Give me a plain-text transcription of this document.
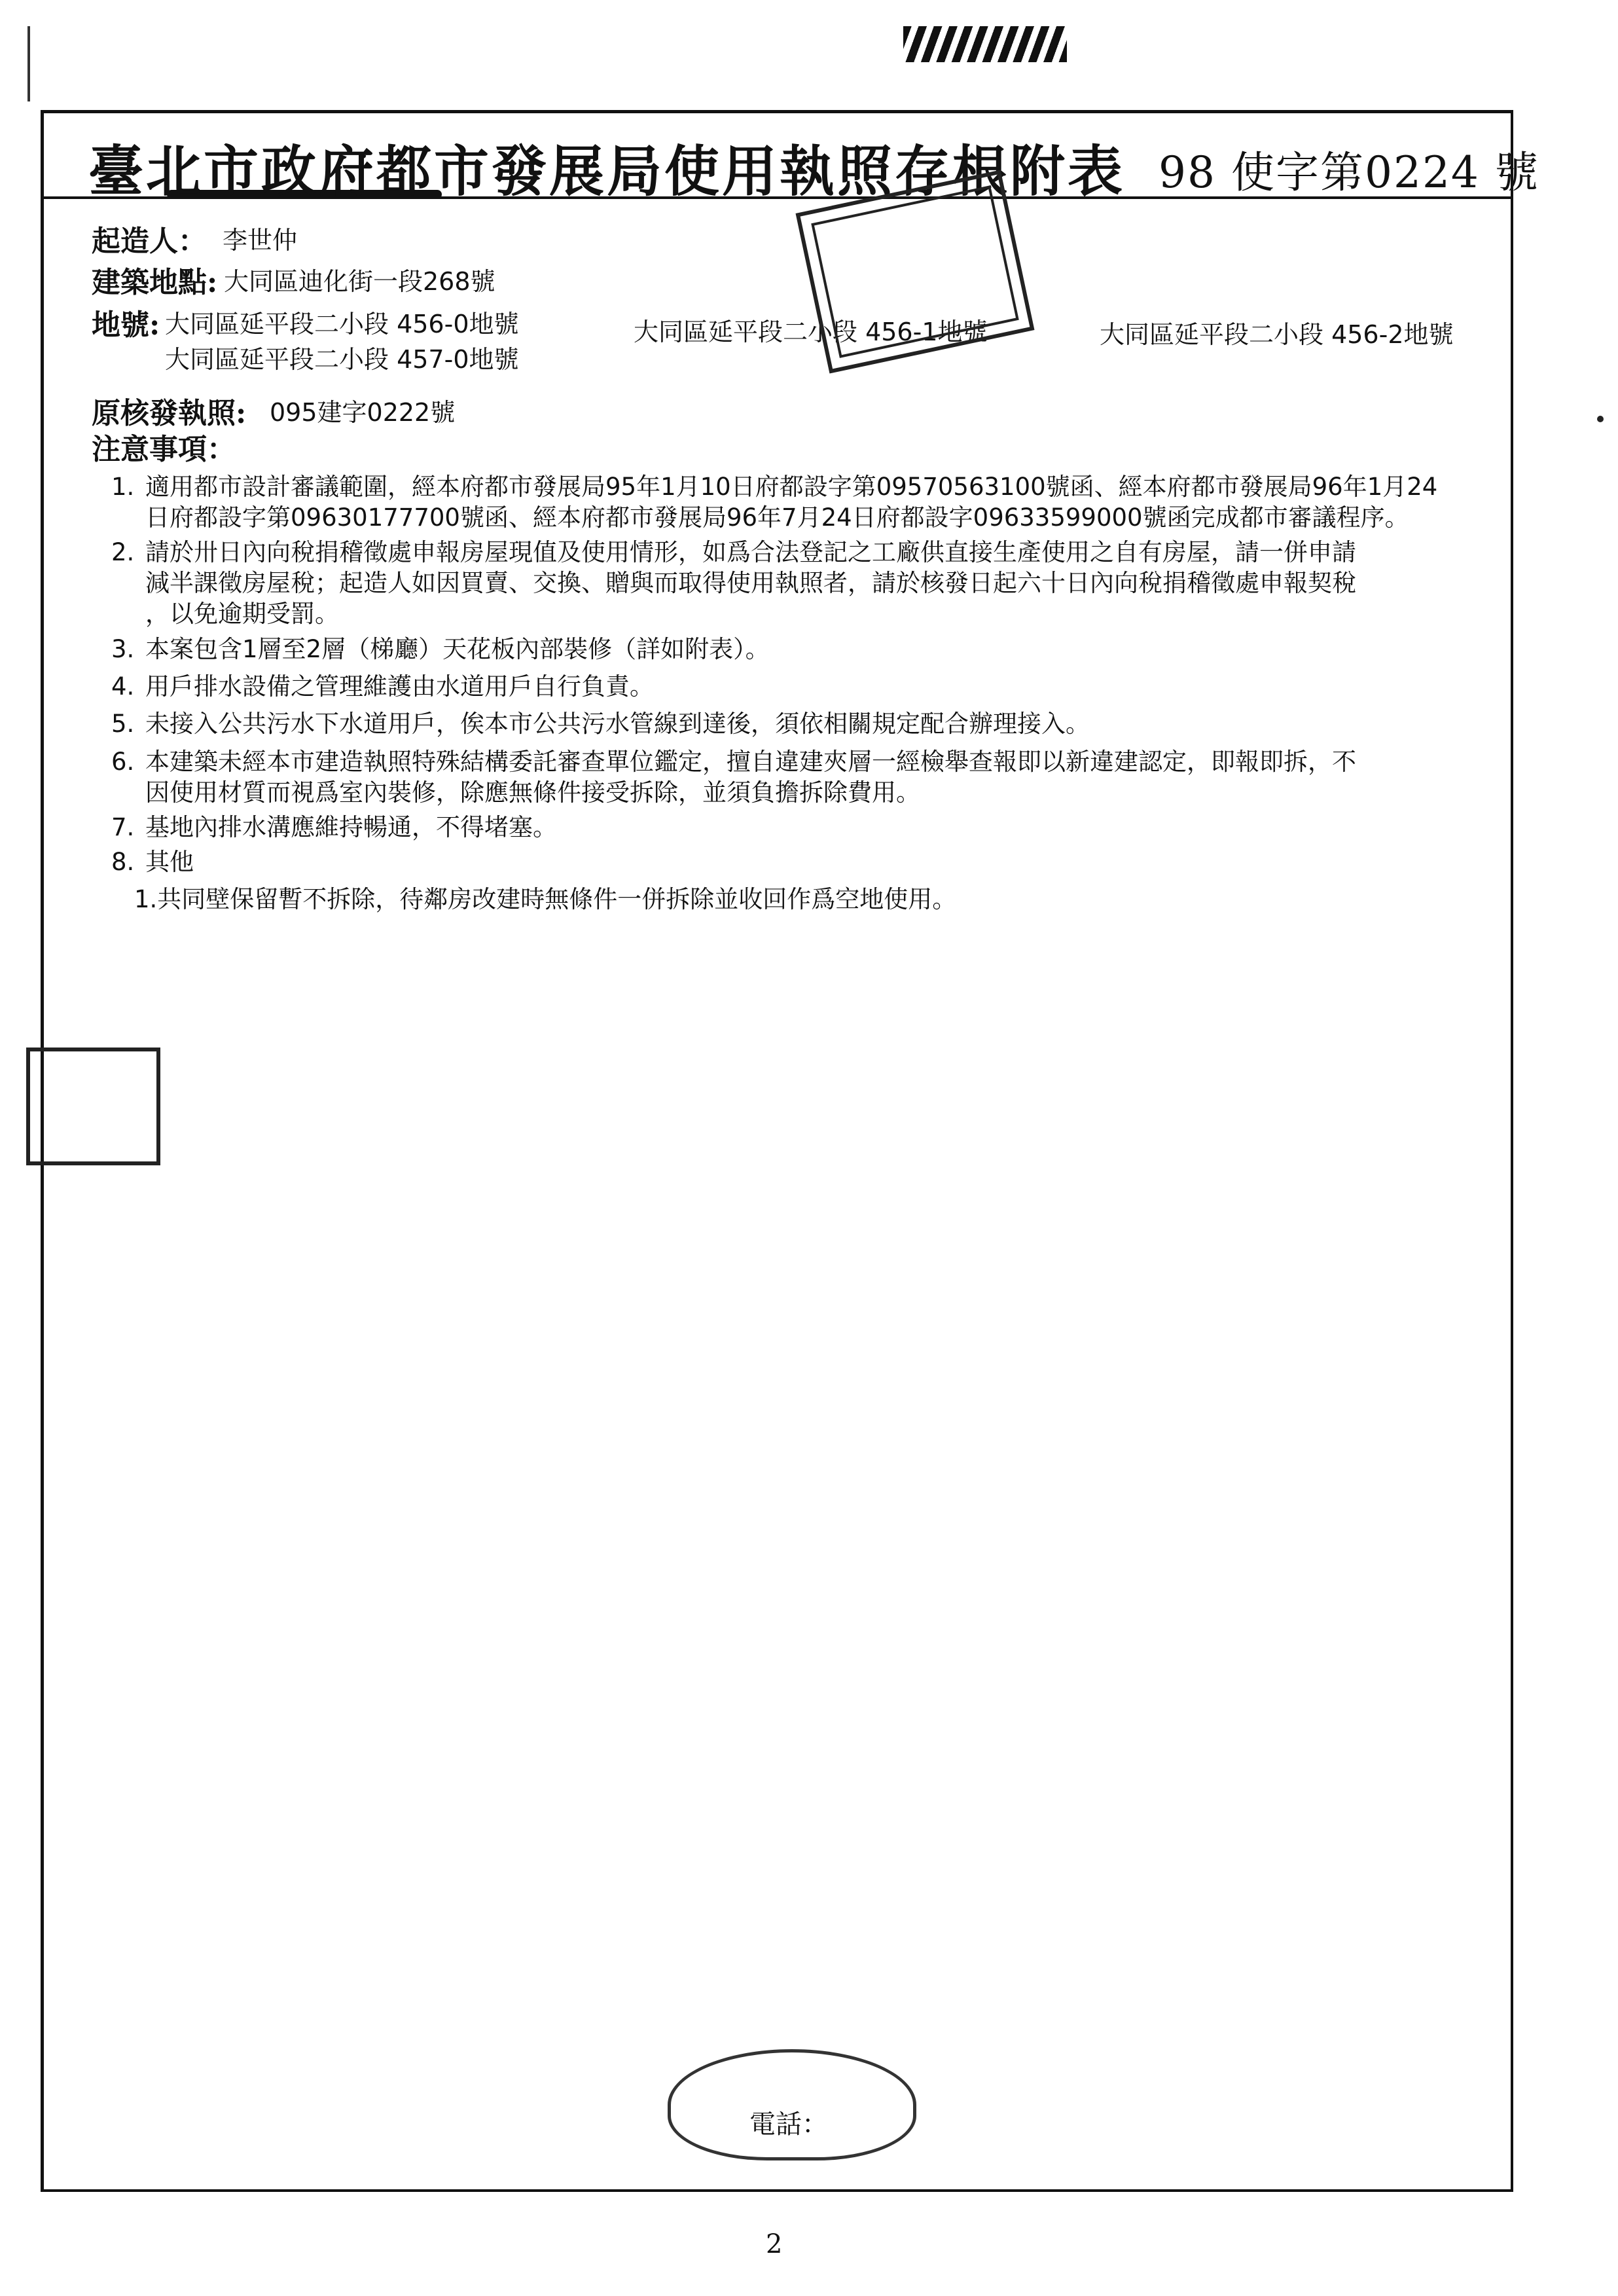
臺北市政府都市發展局使用執照存根附表 98 使字第0224 號
起造人： 李世仲
建築地點: 大同區迪化街一段268號
地號: 大同區延平段二小段 456-0地號	大同區延平段二小段 456-1地號	大同區延平段二小段 456-2地號
大同區延平段二小段 457-0地號
原核發執照: 095建字0222號
注意事項：
1. 適用都市設計審議範圍，經本府都市發展局95年1月10日府都設字第09570563100號函、經本府都市發展局96年1月24
日府都設字第09630177700號函、經本府都市發展局96年7月24日府都設字09633599000號函完成都市審議程序。
2. 請於卅日內向稅捐稽徵處申報房屋現值及使用情形，如爲合法登記之工廠供直接生產使用之自有房屋，請一併申請
減半課徵房屋稅；起造人如因買賣、交換、贈與而取得使用執照者，請於核發日起六十日內向稅捐稽徵處申報契稅
，以免逾期受罰。
3. 本案包含1層至2層（梯廳）天花板內部裝修（詳如附表）。
4. 用戶排水設備之管理維護由水道用戶自行負責。
5. 未接入公共污水下水道用戶，俟本市公共污水管線到達後，須依相關規定配合辦理接入。
6. 本建築未經本市建造執照特殊結構委託審查單位鑑定，擅自違建夾層一經檢舉查報即以新違建認定，即報即拆，不
因使用材質而視爲室內裝修，除應無條件接受拆除，並須負擔拆除費用。
7. 基地內排水溝應維持暢通，不得堵塞。
8. 其他
1.共同壁保留暫不拆除，待鄰房改建時無條件一併拆除並收回作爲空地使用。
電話：
2
